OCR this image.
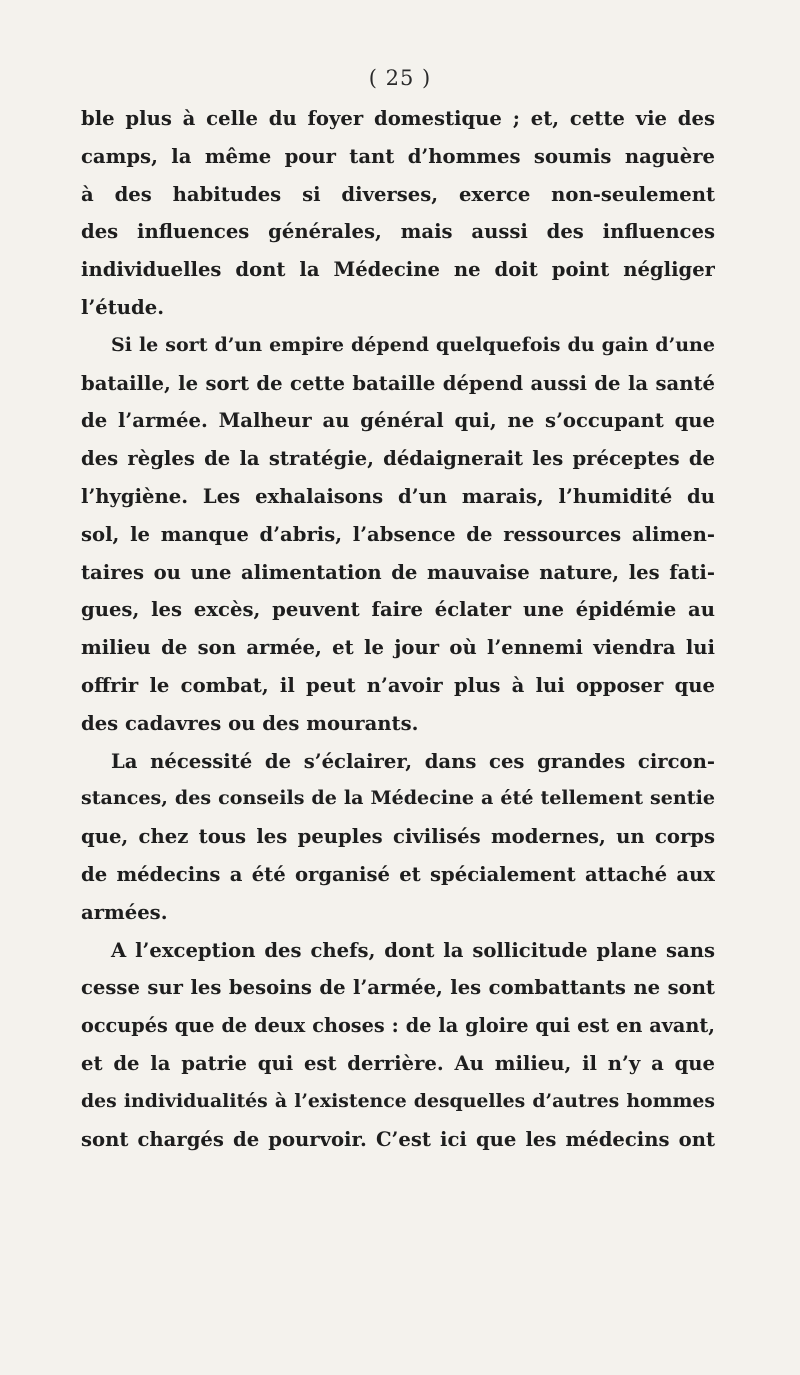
( 25 )
ble plus à celle du foyer domestique ; et, cette vie des
camps, la même pour tant d’hommes soumis naguère
à des habitudes si diverses, exerce non-seulement
des influences générales, mais aussi des influences
individuelles dont la Médecine ne doit point négliger
l’étude.
Si le sort d’un empire dépend quelquefois du gain d’une
bataille, le sort de cette bataille dépend aussi de la santé
de l’armée. Malheur au général qui, ne s’occupant que
des règles de la stratégie, dédaignerait les préceptes de
l’hygiène. Les exhalaisons d’un marais, l’humidité du
sol, le manque d’abris, l’absence de ressources alimen-
taires ou une alimentation de mauvaise nature, les fati-
gues, les excès, peuvent faire éclater une épidémie au
milieu de son armée, et le jour où l’ennemi viendra lui
offrir le combat, il peut n’avoir plus à lui opposer que
des cadavres ou des mourants.
La nécessité de s’éclairer, dans ces grandes circon-
stances, des conseils de la Médecine a été tellement sentie
que, chez tous les peuples civilisés modernes, un corps
de médecins a été organisé et spécialement attaché aux
armées.
A l’exception des chefs, dont la sollicitude plane sans
cesse sur les besoins de l’armée, les combattants ne sont
occupés que de deux choses : de la gloire qui est en avant,
et de la patrie qui est derrière. Au milieu, il n’y a que
des individualités à l’existence desquelles d’autres hommes
sont chargés de pourvoir. C’est ici que les médecins ont
